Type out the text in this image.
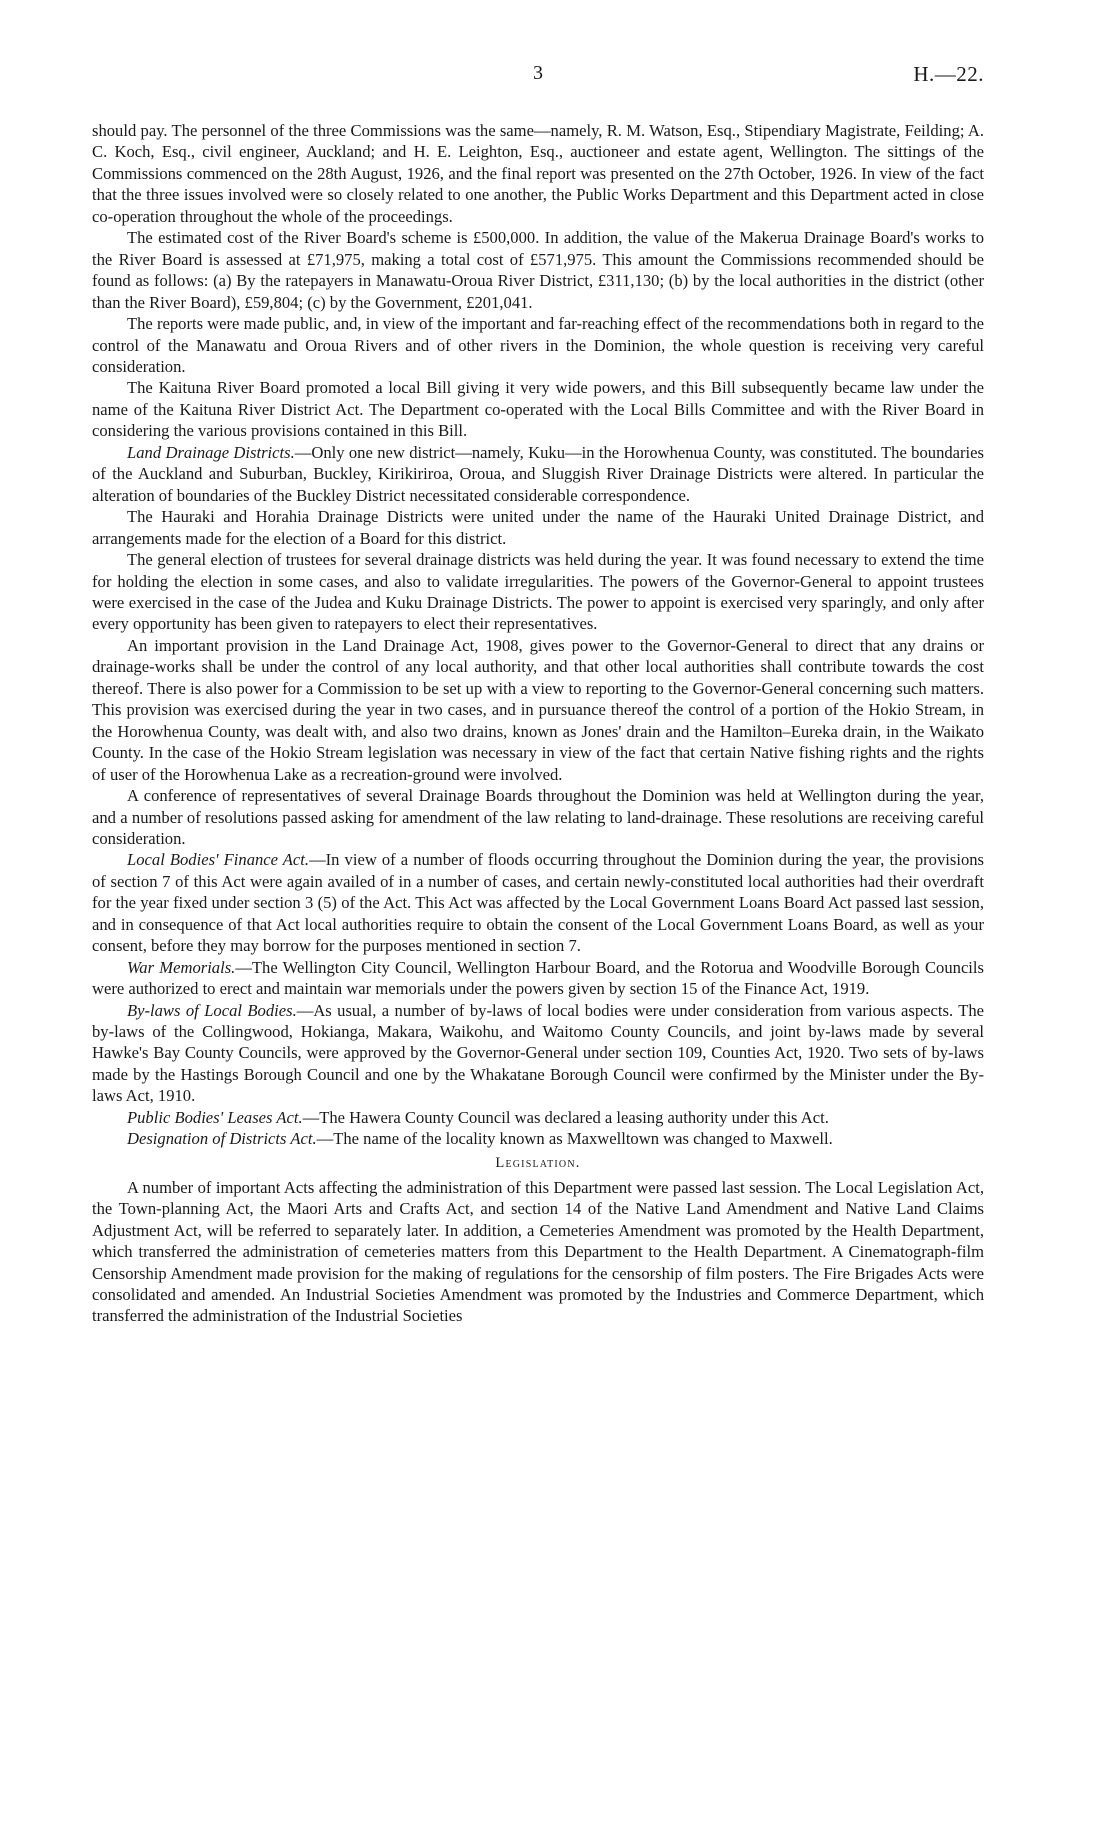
3	H.—22.

should pay. The personnel of the three Commissions was the same—namely, R. M. Watson, Esq., Stipendiary Magistrate, Feilding; A. C. Koch, Esq., civil engineer, Auckland; and H. E. Leighton, Esq., auctioneer and estate agent, Wellington. The sittings of the Commissions commenced on the 28th August, 1926, and the final report was presented on the 27th October, 1926. In view of the fact that the three issues involved were so closely related to one another, the Public Works Department and this Department acted in close co-operation throughout the whole of the proceedings.

The estimated cost of the River Board's scheme is £500,000. In addition, the value of the Makerua Drainage Board's works to the River Board is assessed at £71,975, making a total cost of £571,975. This amount the Commissions recommended should be found as follows: (a) By the ratepayers in Manawatu-Oroua River District, £311,130; (b) by the local authorities in the district (other than the River Board), £59,804; (c) by the Government, £201,041.

The reports were made public, and, in view of the important and far-reaching effect of the recommendations both in regard to the control of the Manawatu and Oroua Rivers and of other rivers in the Dominion, the whole question is receiving very careful consideration.

The Kaituna River Board promoted a local Bill giving it very wide powers, and this Bill subsequently became law under the name of the Kaituna River District Act. The Department co-operated with the Local Bills Committee and with the River Board in considering the various provisions contained in this Bill.

Land Drainage Districts.—Only one new district—namely, Kuku—in the Horowhenua County, was constituted. The boundaries of the Auckland and Suburban, Buckley, Kirikiriroa, Oroua, and Sluggish River Drainage Districts were altered. In particular the alteration of boundaries of the Buckley District necessitated considerable correspondence.

The Hauraki and Horahia Drainage Districts were united under the name of the Hauraki United Drainage District, and arrangements made for the election of a Board for this district.

The general election of trustees for several drainage districts was held during the year. It was found necessary to extend the time for holding the election in some cases, and also to validate irregularities. The powers of the Governor-General to appoint trustees were exercised in the case of the Judea and Kuku Drainage Districts. The power to appoint is exercised very sparingly, and only after every opportunity has been given to ratepayers to elect their representatives.

An important provision in the Land Drainage Act, 1908, gives power to the Governor-General to direct that any drains or drainage-works shall be under the control of any local authority, and that other local authorities shall contribute towards the cost thereof. There is also power for a Commission to be set up with a view to reporting to the Governor-General concerning such matters. This provision was exercised during the year in two cases, and in pursuance thereof the control of a portion of the Hokio Stream, in the Horowhenua County, was dealt with, and also two drains, known as Jones' drain and the Hamilton–Eureka drain, in the Waikato County. In the case of the Hokio Stream legislation was necessary in view of the fact that certain Native fishing rights and the rights of user of the Horowhenua Lake as a recreation-ground were involved.

A conference of representatives of several Drainage Boards throughout the Dominion was held at Wellington during the year, and a number of resolutions passed asking for amendment of the law relating to land-drainage. These resolutions are receiving careful consideration.

Local Bodies' Finance Act.—In view of a number of floods occurring throughout the Dominion during the year, the provisions of section 7 of this Act were again availed of in a number of cases, and certain newly-constituted local authorities had their overdraft for the year fixed under section 3 (5) of the Act. This Act was affected by the Local Government Loans Board Act passed last session, and in consequence of that Act local authorities require to obtain the consent of the Local Government Loans Board, as well as your consent, before they may borrow for the purposes mentioned in section 7.

War Memorials.—The Wellington City Council, Wellington Harbour Board, and the Rotorua and Woodville Borough Councils were authorized to erect and maintain war memorials under the powers given by section 15 of the Finance Act, 1919.

By-laws of Local Bodies.—As usual, a number of by-laws of local bodies were under consideration from various aspects. The by-laws of the Collingwood, Hokianga, Makara, Waikohu, and Waitomo County Councils, and joint by-laws made by several Hawke's Bay County Councils, were approved by the Governor-General under section 109, Counties Act, 1920. Two sets of by-laws made by the Hastings Borough Council and one by the Whakatane Borough Council were confirmed by the Minister under the By-laws Act, 1910.

Public Bodies' Leases Act.—The Hawera County Council was declared a leasing authority under this Act.

Designation of Districts Act.—The name of the locality known as Maxwelltown was changed to Maxwell.

Legislation.

A number of important Acts affecting the administration of this Department were passed last session. The Local Legislation Act, the Town-planning Act, the Maori Arts and Crafts Act, and section 14 of the Native Land Amendment and Native Land Claims Adjustment Act, will be referred to separately later. In addition, a Cemeteries Amendment was promoted by the Health Department, which transferred the administration of cemeteries matters from this Department to the Health Department. A Cinematograph-film Censorship Amendment made provision for the making of regulations for the censorship of film posters. The Fire Brigades Acts were consolidated and amended. An Industrial Societies Amendment was promoted by the Industries and Commerce Department, which transferred the administration of the Industrial Societies
